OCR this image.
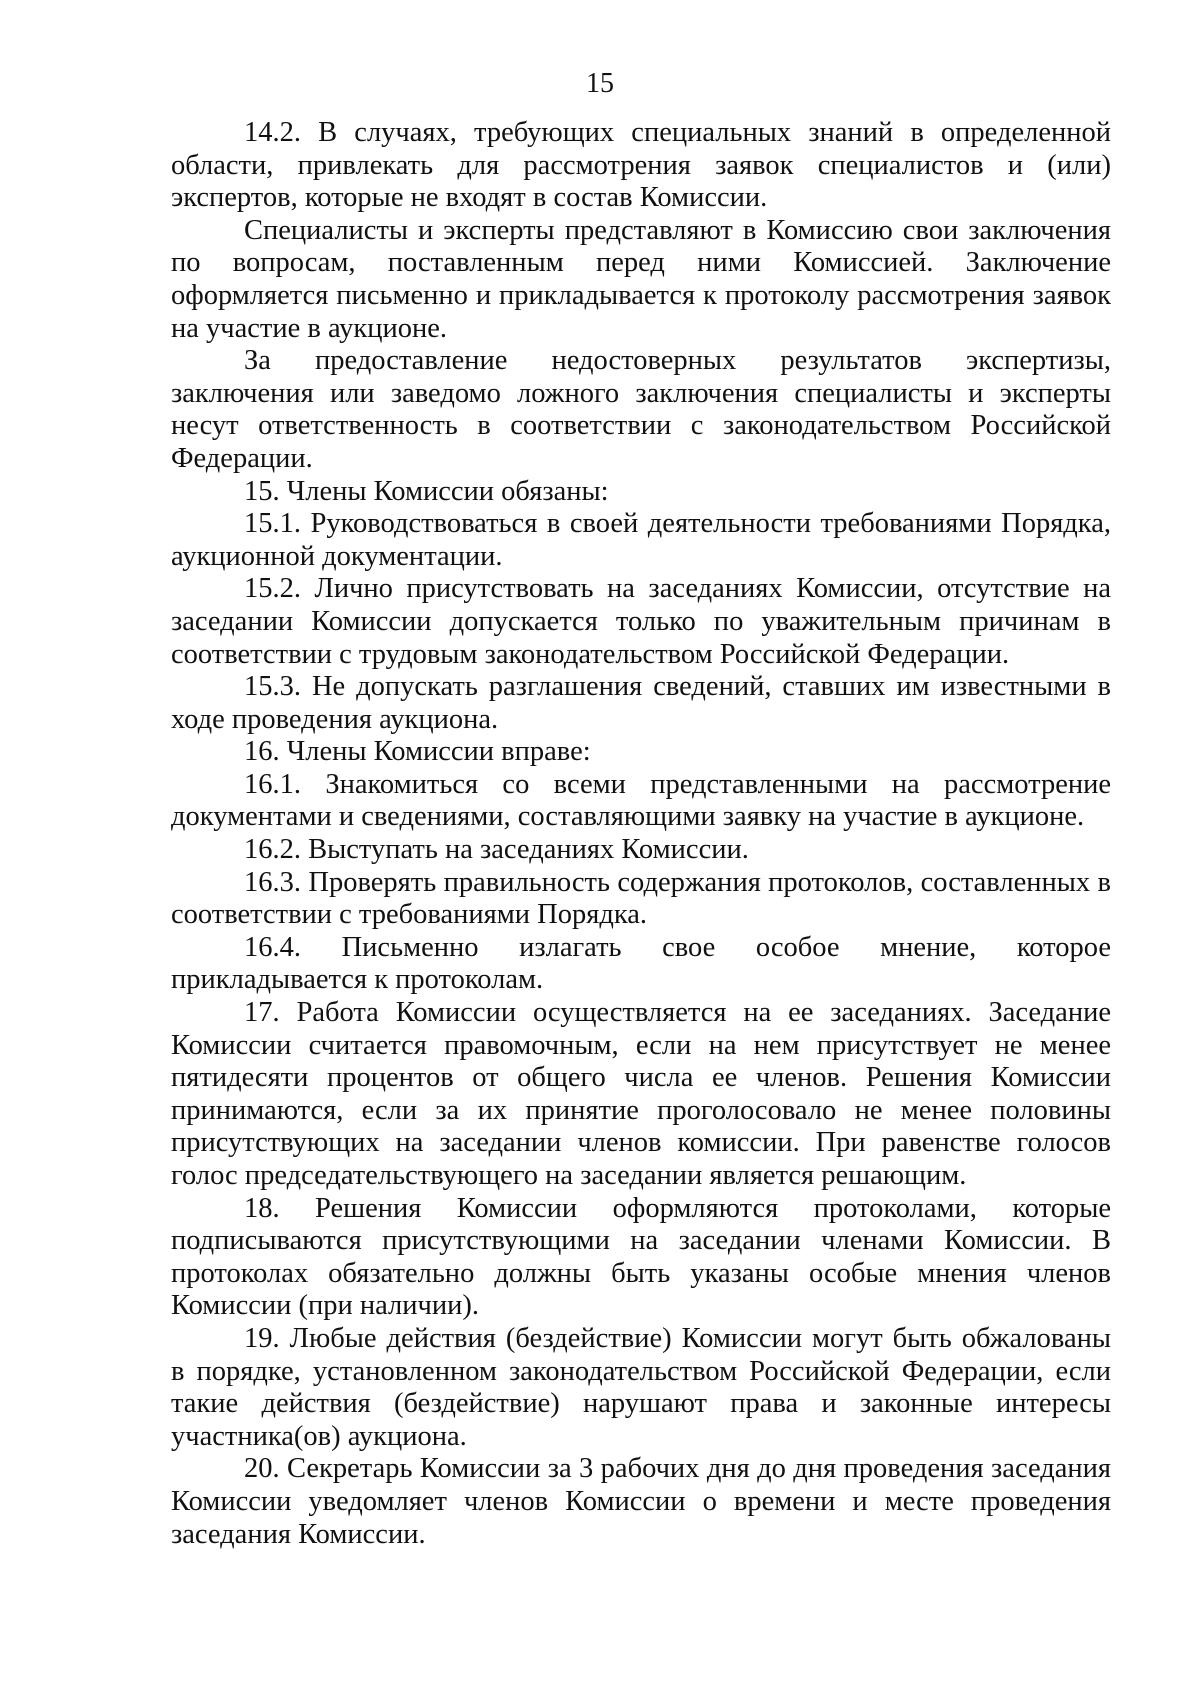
15

14.2. В случаях, требующих специальных знаний в определенной области, привлекать для рассмотрения заявок специалистов и (или) экспертов, которые не входят в состав Комиссии.

Специалисты и эксперты представляют в Комиссию свои заключения по вопросам, поставленным перед ними Комиссией. Заключение оформляется письменно и прикладывается к протоколу рассмотрения заявок на участие в аукционе.

За предоставление недостоверных результатов экспертизы, заключения или заведомо ложного заключения специалисты и эксперты несут ответственность в соответствии с законодательством Российской Федерации.

15. Члены Комиссии обязаны:

15.1. Руководствоваться в своей деятельности требованиями Порядка, аукционной документации.

15.2. Лично присутствовать на заседаниях Комиссии, отсутствие на заседании Комиссии допускается только по уважительным причинам в соответствии с трудовым законодательством Российской Федерации.

15.3. Не допускать разглашения сведений, ставших им известными в ходе проведения аукциона.

16. Члены Комиссии вправе:

16.1. Знакомиться со всеми представленными на рассмотрение документами и сведениями, составляющими заявку на участие в аукционе.

16.2. Выступать на заседаниях Комиссии.

16.3. Проверять правильность содержания протоколов, составленных в соответствии с требованиями Порядка.

16.4. Письменно излагать свое особое мнение, которое прикладывается к протоколам.

17. Работа Комиссии осуществляется на ее заседаниях. Заседание Комиссии считается правомочным, если на нем присутствует не менее пятидесяти процентов от общего числа ее членов. Решения Комиссии принимаются, если за их принятие проголосовало не менее половины присутствующих на заседании членов комиссии. При равенстве голосов голос председательствующего на заседании является решающим.

18. Решения Комиссии оформляются протоколами, которые подписываются присутствующими на заседании членами Комиссии. В протоколах обязательно должны быть указаны особые мнения членов Комиссии (при наличии).

19. Любые действия (бездействие) Комиссии могут быть обжалованы в порядке, установленном законодательством Российской Федерации, если такие действия (бездействие) нарушают права и законные интересы участника(ов) аукциона.

20. Секретарь Комиссии за 3 рабочих дня до дня проведения заседания Комиссии уведомляет членов Комиссии о времени и месте проведения заседания Комиссии.
